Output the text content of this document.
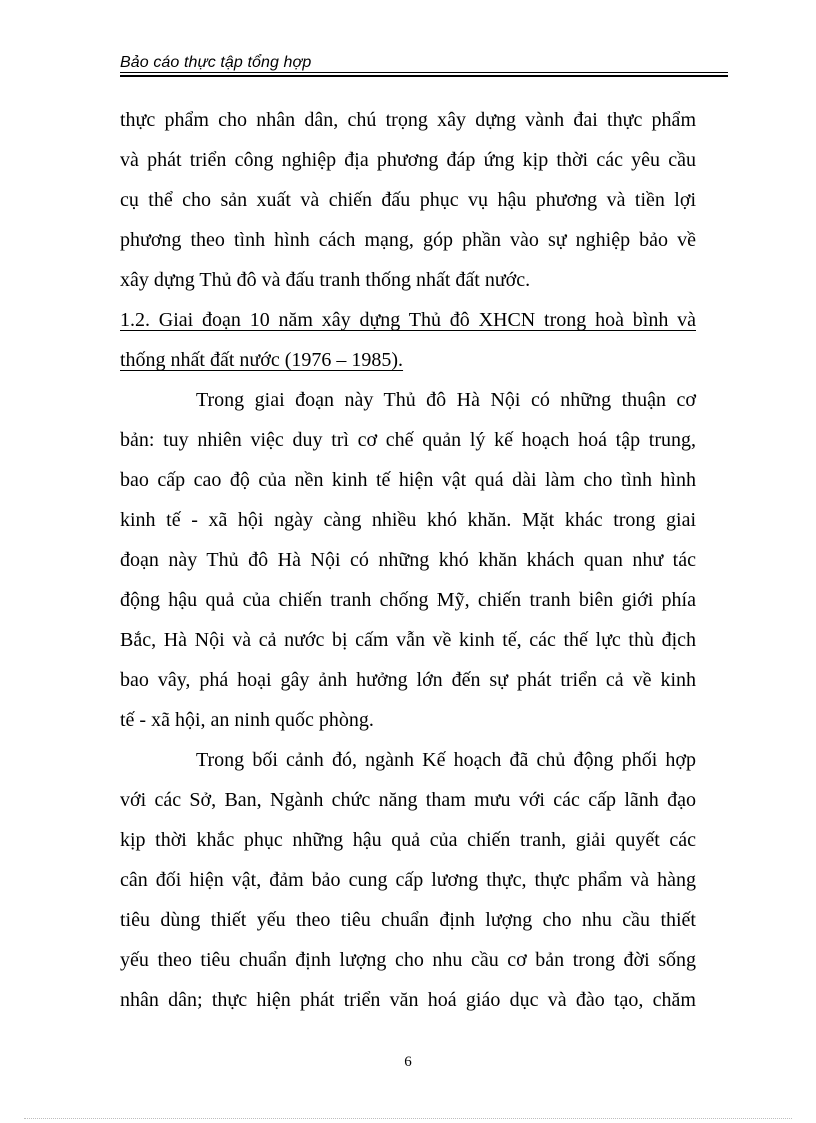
Bảo cáo thực tập tổng hợp
thực phẩm cho nhân dân, chú trọng xây dựng vành đai thực phẩm
và phát triển công nghiệp địa phương đáp ứng kịp thời các yêu cầu
cụ thể cho sản xuất và chiến đấu phục vụ hậu phương và tiền lợi
phương theo tình hình cách mạng, góp phần vào sự nghiệp bảo về
xây dựng Thủ đô và đấu tranh thống nhất đất nước.
1.2. Giai đoạn 10 năm xây dựng Thủ đô XHCN trong hoà bình và
thống nhất đất nước (1976 – 1985).
Trong giai đoạn này Thủ đô Hà Nội có những thuận cơ
bản: tuy nhiên việc duy trì cơ chế quản lý kế hoạch hoá tập trung,
bao cấp cao độ của nền kinh tế hiện vật quá dài làm cho tình hình
kinh tế - xã hội ngày càng nhiều khó khăn. Mặt khác trong giai
đoạn này Thủ đô Hà Nội có những khó khăn khách quan như tác
động hậu quả của chiến tranh chống Mỹ, chiến tranh biên giới phía
Bắc, Hà Nội và cả nước bị cấm vẫn về kinh tế, các thế lực thù địch
bao vây, phá hoại gây ảnh hưởng lớn đến sự phát triển cả về kinh
tế - xã hội, an ninh quốc phòng.
Trong bối cảnh đó, ngành Kế hoạch đã chủ động phối hợp
với các Sở, Ban, Ngành chức năng tham mưu với các cấp lãnh đạo
kịp thời khắc phục những hậu quả của chiến tranh, giải quyết các
cân đối hiện vật, đảm bảo cung cấp lương thực, thực phẩm và hàng
tiêu dùng thiết yếu theo tiêu chuẩn định lượng cho nhu cầu thiết
yếu theo tiêu chuẩn định lượng cho nhu cầu cơ bản trong đời sống
nhân dân; thực hiện phát triển văn hoá giáo dục và đào tạo, chăm
6
